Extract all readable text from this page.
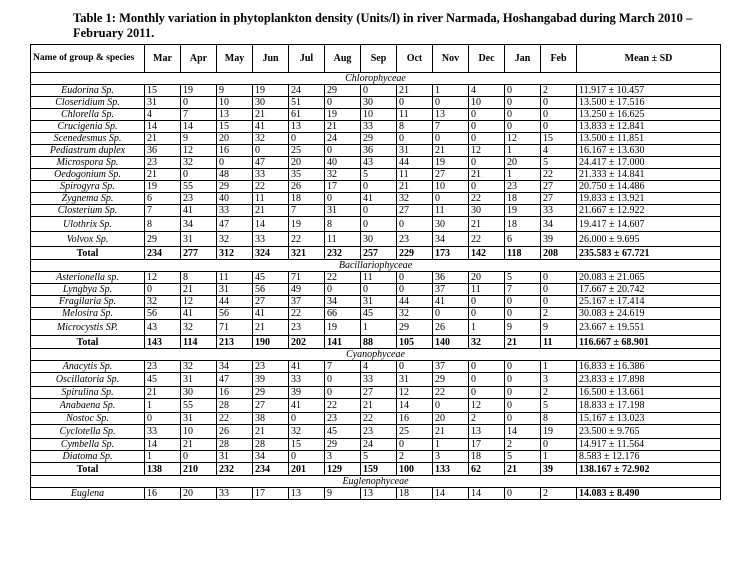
Table 1: Monthly variation in phytoplankton density (Units/l) in river Narmada, Hoshangabad during March 2010 – February 2011.
Name of group & species	Mar	Apr	May	Jun	Jul	Aug	Sep	Oct	Nov	Dec	Jan	Feb	Mean ± SD
Chlorophyceae													
Eudorina Sp.	15	19	9	19	24	29	0	21	1	4	0	2	11.917 ± 10.457
Closeridium Sp.	31	0	10	30	51	0	30	0	0	10	0	0	13.500 ± 17.516
Chlorella Sp.	4	7	13	21	61	19	10	11	13	0	0	0	13.250 ± 16.625
Crucigenia Sp.	14	14	15	41	13	21	33	8	7	0	0	0	13.833 ± 12.841
Scenedesmus Sp.	21	9	20	32	0	24	29	0	0	0	12	15	13.500 ± 11.851
Pediastrum duplex	36	12	16	0	25	0	36	31	21	12	1	4	16.167 ± 13.630
Microspora Sp.	23	32	0	47	20	40	43	44	19	0	20	5	24.417 ± 17.000
Oedogonium Sp.	21	0	48	33	35	32	5	11	27	21	1	22	21.333 ± 14.841
Spirogyra Sp.	19	55	29	22	26	17	0	21	10	0	23	27	20.750 ± 14.486
Zygnema Sp.	6	23	40	11	18	0	41	32	0	22	18	27	19.833 ± 13.921
Closterium Sp.	7	41	33	21	7	31	0	27	11	30	19	33	21.667 ± 12.922
Ulothrix Sp.	8	34	47	14	19	8	0	0	30	21	18	34	19.417 ± 14.607
Volvox Sp.	29	31	32	33	22	11	30	23	34	22	6	39	26.000 ± 9.695
Total	234	277	312	324	321	232	257	229	173	142	118	208	235.583 ± 67.721
Bacillariophyceae													
Asterionella sp.	12	8	11	45	71	22	11	0	36	20	5	0	20.083 ± 21.065
Lyngbya Sp.	0	21	31	56	49	0	0	0	37	11	7	0	17.667 ± 20.742
Fragilaria Sp.	32	12	44	27	37	34	31	44	41	0	0	0	25.167 ± 17.414
Melosira Sp.	56	41	56	41	22	66	45	32	0	0	0	2	30.083 ± 24.619
Microcystis SP.	43	32	71	21	23	19	1	29	26	1	9	9	23.667 ± 19.551
Total	143	114	213	190	202	141	88	105	140	32	21	11	116.667 ± 68.901
Cyanophyceae													
Anacytis Sp.	23	32	34	23	41	7	4	0	37	0	0	1	16.833 ± 16.386
Oscillatoria Sp.	45	31	47	39	33	0	33	31	29	0	0	3	23.833 ± 17.898
Spirulina Sp.	21	30	16	29	39	0	27	12	22	0	0	2	16.500 ± 13.661
Anabaena Sp.	1	55	28	27	41	22	21	14	0	12	0	5	18.833 ± 17.198
Nostoc Sp.	0	31	22	38	0	23	22	16	20	2	0	8	15.167 ± 13.023
Cyclotella Sp.	33	10	26	21	32	45	23	25	21	13	14	19	23.500 ± 9.765
Cymbella Sp.	14	21	28	28	15	29	24	0	1	17	2	0	14.917 ± 11.564
Diatoma Sp.	1	0	31	34	0	3	5	2	3	18	5	1	8.583 ± 12.176
Total	138	210	232	234	201	129	159	100	133	62	21	39	138.167 ± 72.902
Euglenophyceae													
Euglena	16	20	33	17	13	9	13	18	14	14	0	2	14.083 ± 8.490
